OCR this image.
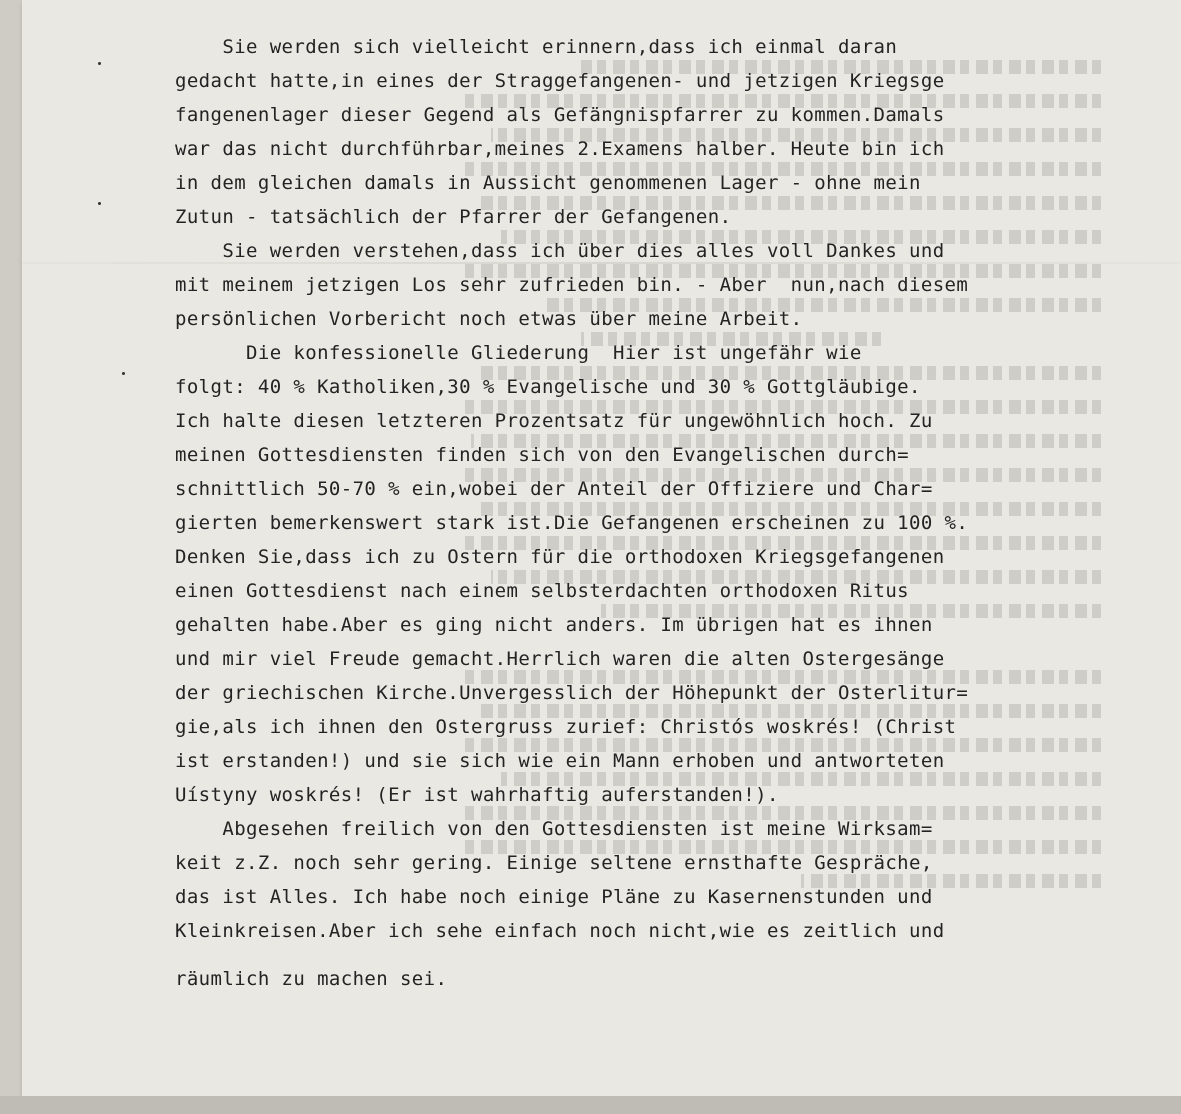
Sie werden sich vielleicht erinnern,dass ich einmal daran
gedacht hatte,in eines der Straggefangenen- und jetzigen Kriegsge
fangenenlager dieser Gegend als Gefängnispfarrer zu kommen.Damals
war das nicht durchführbar,meines 2.Examens halber. Heute bin ich
in dem gleichen damals in Aussicht genommenen Lager - ohne mein
Zutun - tatsächlich der Pfarrer der Gefangenen.
Sie werden verstehen,dass ich über dies alles voll Dankes und
mit meinem jetzigen Los sehr zufrieden bin. - Aber  nun,nach diesem
persönlichen Vorbericht noch etwas über meine Arbeit.
Die konfessionelle Gliederung  Hier ist ungefähr wie
folgt: 40 % Katholiken,30 % Evangelische und 30 % Gottgläubige.
Ich halte diesen letzteren Prozentsatz für ungewöhnlich hoch. Zu
meinen Gottesdiensten finden sich von den Evangelischen durch=
schnittlich 50-70 % ein,wobei der Anteil der Offiziere und Char=
gierten bemerkenswert stark ist.Die Gefangenen erscheinen zu 100 %.
Denken Sie,dass ich zu Ostern für die orthodoxen Kriegsgefangenen
einen Gottesdienst nach einem selbsterdachten orthodoxen Ritus
gehalten habe.Aber es ging nicht anders. Im übrigen hat es ihnen
und mir viel Freude gemacht.Herrlich waren die alten Ostergesänge
der griechischen Kirche.Unvergesslich der Höhepunkt der Osterlitur=
gie,als ich ihnen den Ostergruss zurief: Christós woskrés! (Christ
ist erstanden!) und sie sich wie ein Mann erhoben und antworteten
Uístyny woskrés! (Er ist wahrhaftig auferstanden!).
Abgesehen freilich von den Gottesdiensten ist meine Wirksam=
keit z.Z. noch sehr gering. Einige seltene ernsthafte Gespräche,
das ist Alles. Ich habe noch einige Pläne zu Kasernenstunden und
Kleinkreisen.Aber ich sehe einfach noch nicht,wie es zeitlich und
räumlich zu machen sei.
